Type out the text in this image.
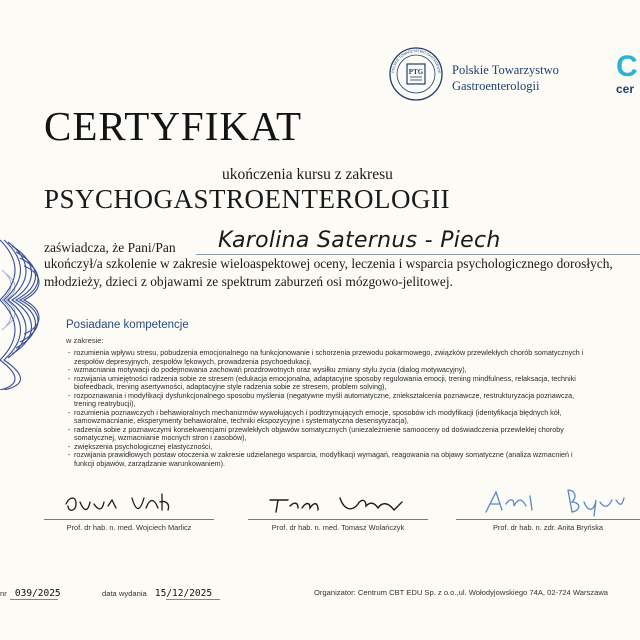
PTG
POLSKIE TOWARZYSTWO GASTROENTE Polskie Towarzystwo
Gastroenterologii
C
cer
CERTYFIKAT
ukończenia kursu z zakresu
PSYCHOGASTROENTEROLOGII
zaświadcza, że Pani/Pan Karolina Saternus - Piech
ukończył/a szkolenie w zakresie wieloaspektowej oceny, leczenia i wsparcia psychologicznego dorosłych, młodzieży, dzieci z objawami ze spektrum zaburzeń osi mózgowo-jelitowej.
Posiadane kompetencje
w zakresie:
- rozumienia wpływu stresu, pobudzenia emocjonalnego na funkcjonowanie i schorzenia przewodu pokarmowego, związków przewlekłych chorób somatycznych i zespołów depresyjnych, zespołów lękowych, prowadzenia psychoedukacji,
- wzmacniania motywacji do podejmowania zachowań prozdrowotnych oraz wysiłku zmiany stylu życia (dialog motywacyjny),
- rozwijania umiejętności radzenia sobie ze stresem (edukacja emocjonalna, adaptacyjne sposoby regulowania emocji, trening mindfulness, relaksacja, techniki biofeedback, trening asertywności, adaptacyjne style radzenia sobie ze stresem, problem solving),
- rozpoznawania i modyfikacji dysfunkcjonalnego sposobu myślenia (negatywne myśli automatyczne, zniekształcenia poznawcze, restrukturyzacja poznawcza, trening reatrybucji),
- rozumienia poznawczych i behawioralnych mechanizmów wywołujących i podtrzymujących emocje, sposobów ich modyfikacji (identyfikacja błędnych kół, samowzmacnianie, eksperymenty behawioralne, techniki ekspozycyjne i systematyczna desensytyzacja),
- radzenia sobie z poznawczymi konsekwencjami przewlekłych objawów somatycznych (uniezależnienie samooceny od doświadczenia przewlekłej choroby somatycznej, wzmacnianie mocnych stron i zasobów),
- zwiększenia psychologicznej elastyczności,
- rozwijania prawidłowych postaw otoczenia w zakresie udzielanego wsparcia, modyfikacji wymagań, reagowania na objawy somatyczne (analiza wzmacnień i funkcji objawów, zarządzanie warunkowaniem).
Prof. dr hab. n. med. Wojciech Marlicz	Prof. dr hab. n. med. Tomasz Wolańczyk	Prof. dr hab. n. zdr. Anita Bryńska
nr 039/2025	data wydania 15/12/2025	Organizator: Centrum CBT EDU Sp. z o.o.,ul. Wołodyjowskiego 74A, 02-724 Warszawa
